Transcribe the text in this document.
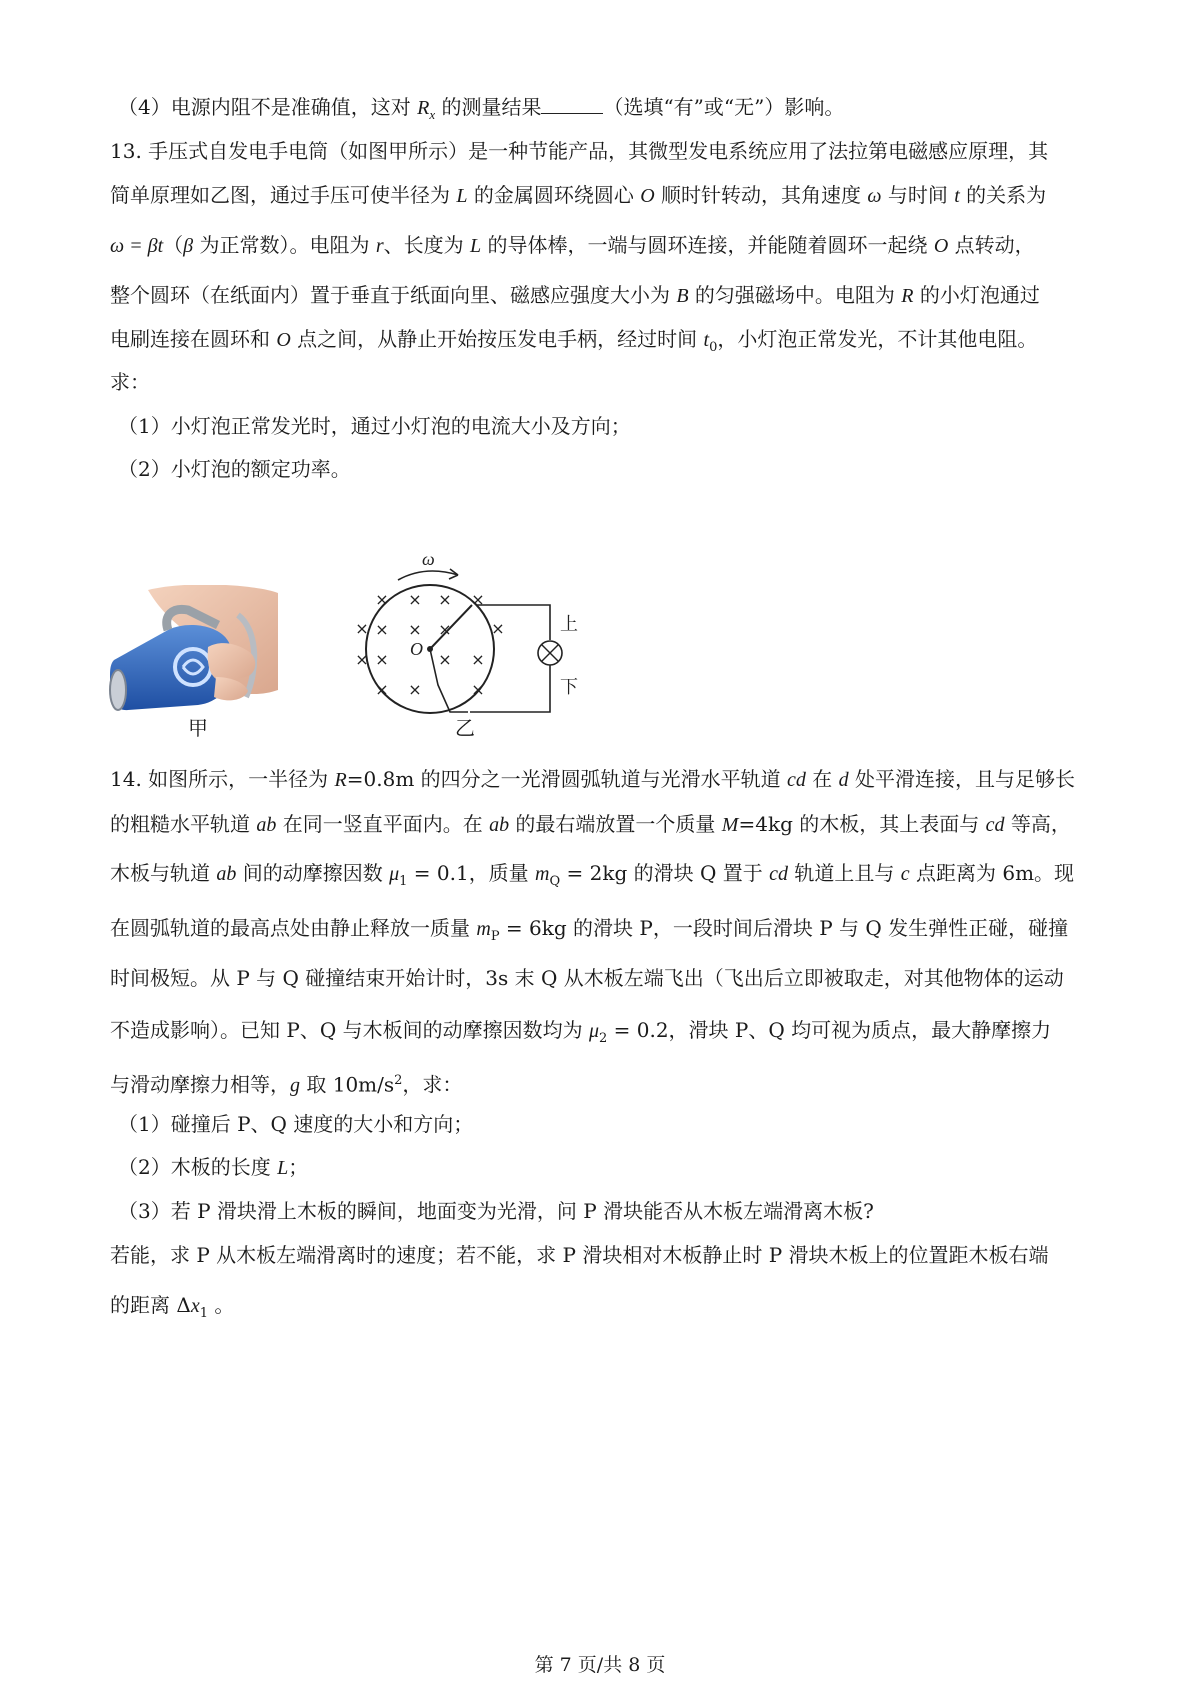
（4）电源内阻不是准确值，这对 $R_x$ 的测量结果	（选填“有”或“无”）影响。
13. 手压式自发电手电筒（如图甲所示）是一种节能产品，其微型发电系统应用了法拉第电磁感应原理，其
简单原理如乙图，通过手压可使半径为 L 的金属圆环绕圆心 O 顺时针转动，其角速度 ω 与时间 t 的关系为
ω = βt（β 为正常数）。电阻为 r、长度为 L 的导体棒，一端与圆环连接，并能随着圆环一起绕 O 点转动，
整个圆环（在纸面内）置于垂直于纸面向里、磁感应强度大小为 B 的匀强磁场中。电阻为 R 的小灯泡通过
电刷连接在圆环和 O 点之间，从静止开始按压发电手柄，经过时间 $t_0$，小灯泡正常发光，不计其他电阻。
求：
（1）小灯泡正常发光时，通过小灯泡的电流大小及方向；
（2）小灯泡的额定功率。
甲
ω
× × × ×
× × ×
×	×
×	× ×
×
× ×	×
O
上
下
乙
14. 如图所示，一半径为 R=0.8m 的四分之一光滑圆弧轨道与光滑水平轨道 cd 在 d 处平滑连接，且与足够长
的粗糙水平轨道 ab 在同一竖直平面内。在 ab 的最右端放置一个质量 M=4kg 的木板，其上表面与 cd 等高，
木板与轨道 ab 间的动摩擦因数 $\mu_1 = 0.1$，质量 $m_Q = 2kg$ 的滑块 Q 置于 cd 轨道上且与 c 点距离为 6m。现
在圆弧轨道的最高点处由静止释放一质量 $m_P = 6kg$ 的滑块 P，一段时间后滑块 P 与 Q 发生弹性正碰，碰撞
时间极短。从 P 与 Q 碰撞结束开始计时，3s 末 Q 从木板左端飞出（飞出后立即被取走，对其他物体的运动
不造成影响）。已知 P、Q 与木板间的动摩擦因数均为 $\mu_2 = 0.2$，滑块 P、Q 均可视为质点，最大静摩擦力
与滑动摩擦力相等，g 取 $10m/s^2$，求：
（1）碰撞后 P、Q 速度的大小和方向；
（2）木板的长度 L；
（3）若 P 滑块滑上木板的瞬间，地面变为光滑，问 P 滑块能否从木板左端滑离木板?
若能，求 P 从木板左端滑离时的速度；若不能，求 P 滑块相对木板静止时 P 滑块木板上的位置距木板右端
的距离 $\Delta x_1$ 。
第 7 页/共 8 页
